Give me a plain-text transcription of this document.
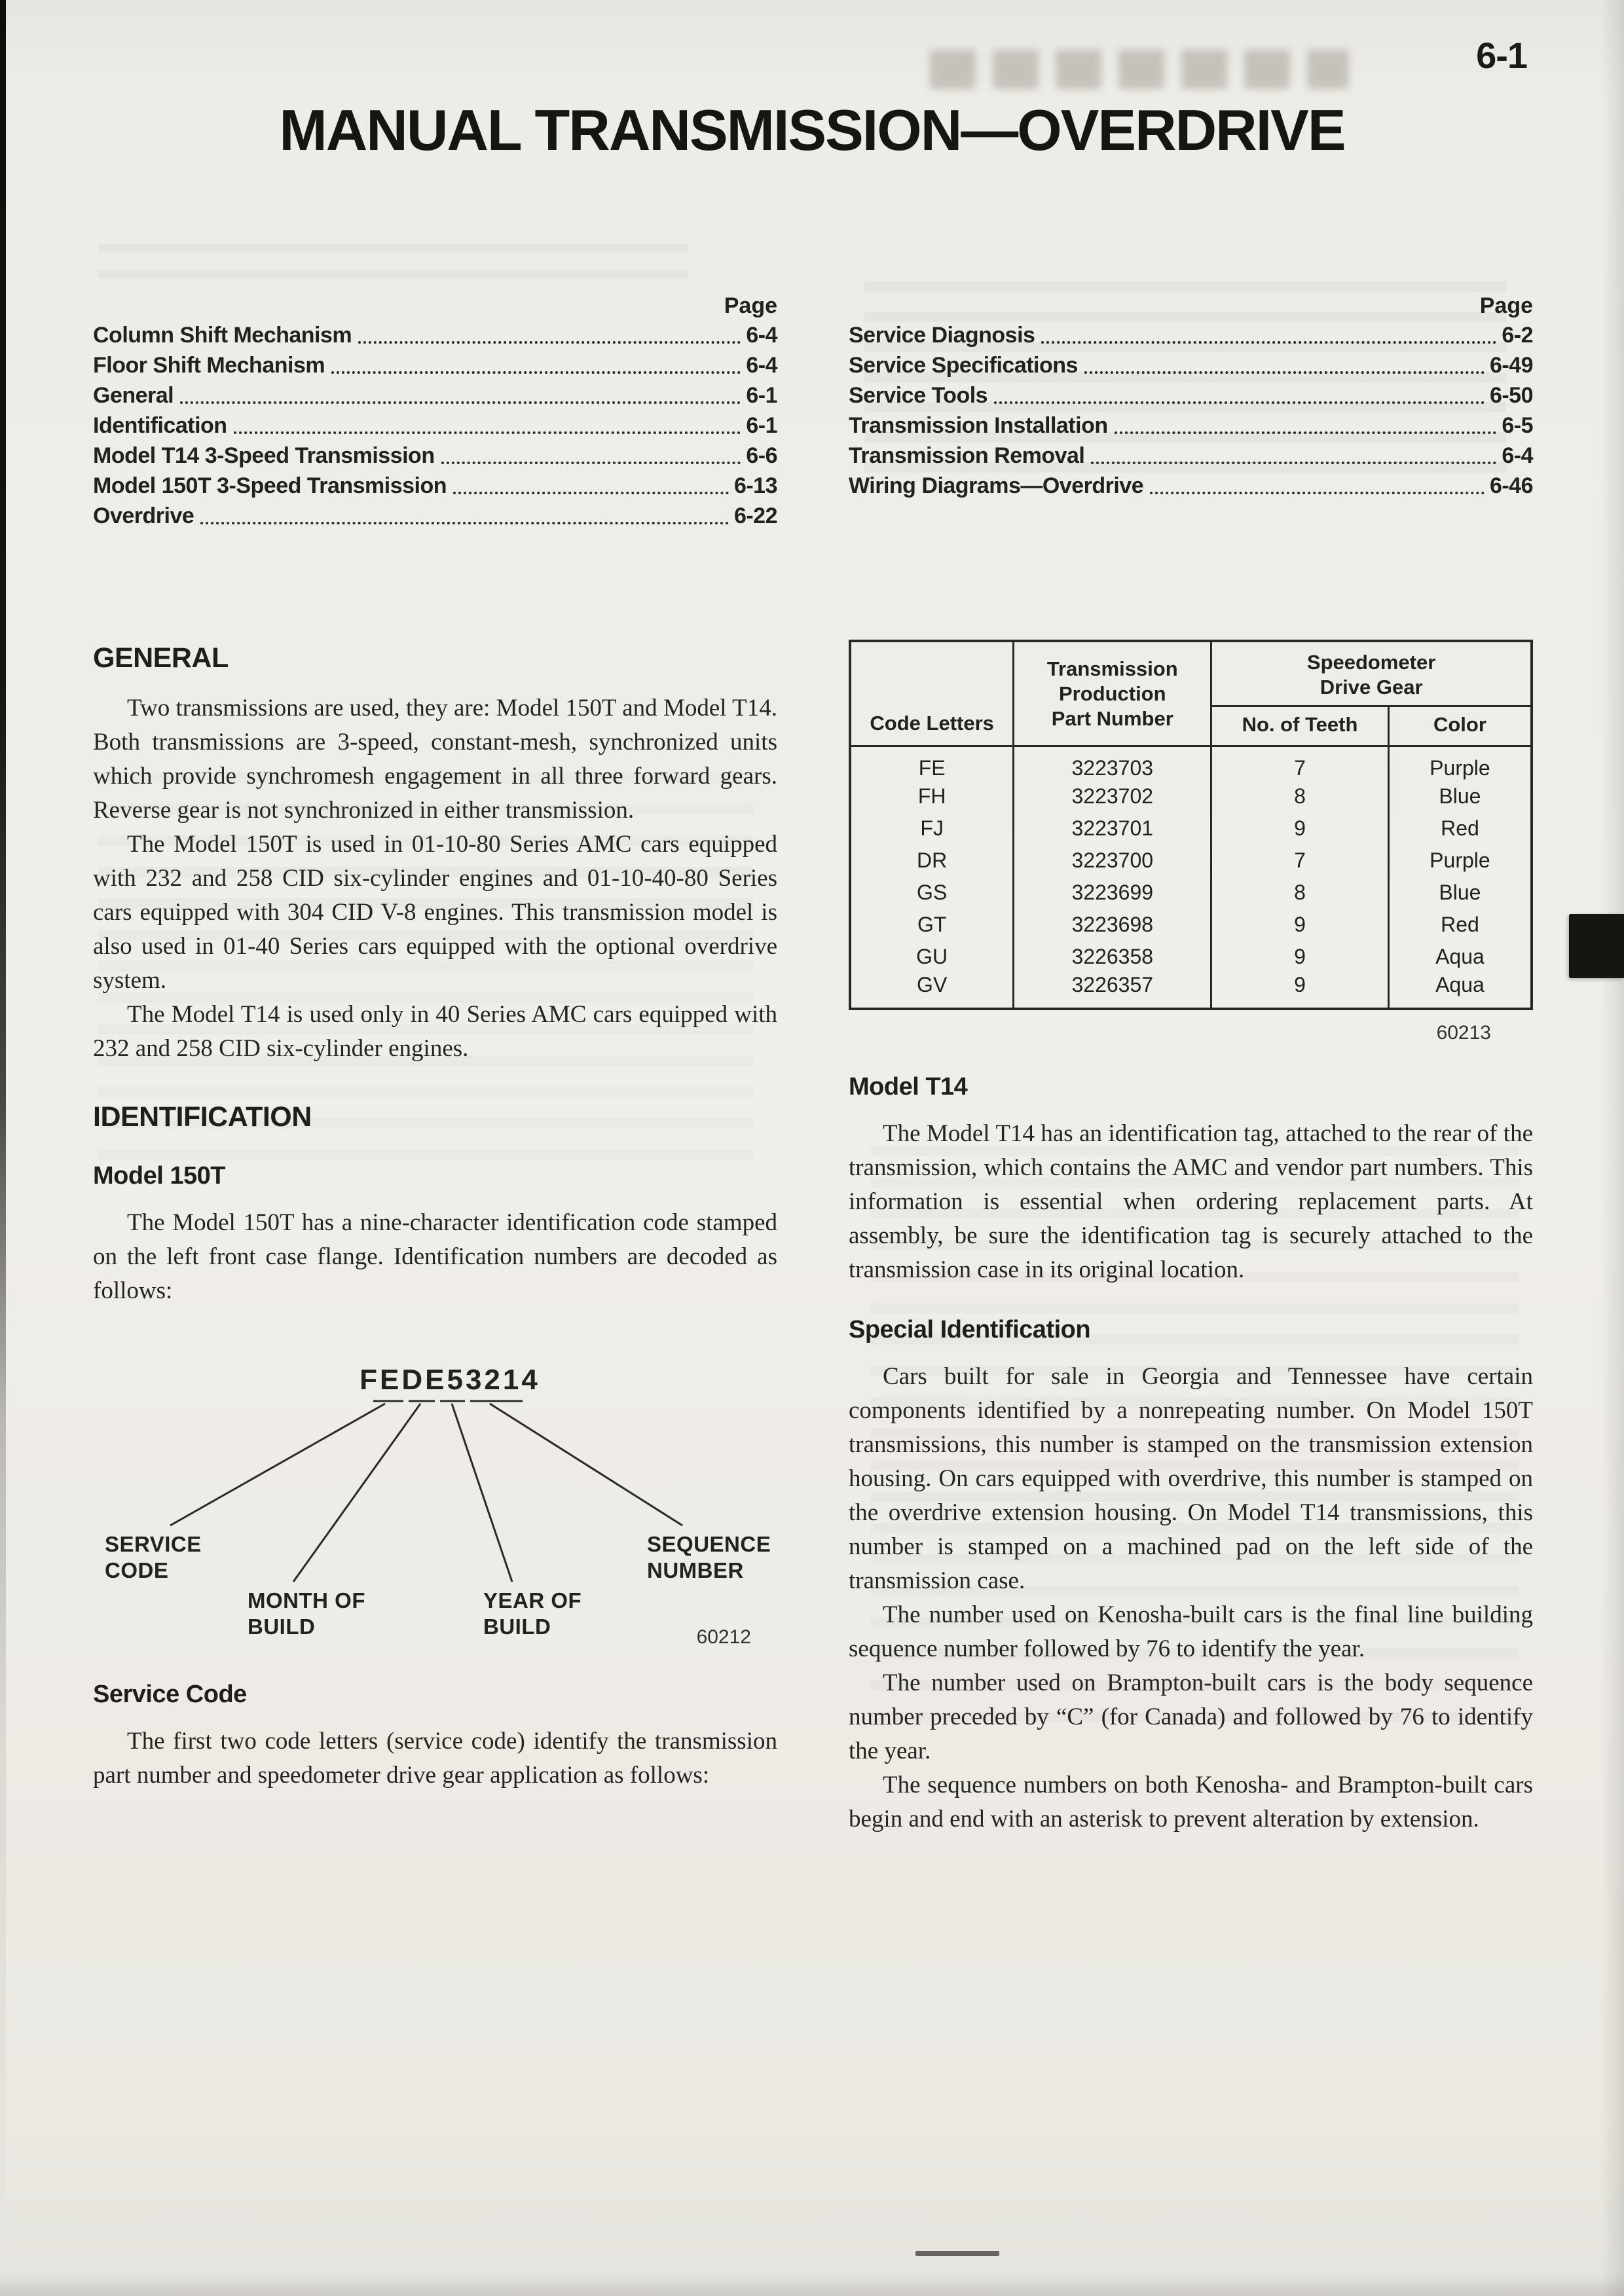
6-1
MANUAL TRANSMISSION—OVERDRIVE
Page
Column Shift Mechanism	6-4
Floor Shift Mechanism	6-4
General	6-1
Identification	6-1
Model T14 3-Speed Transmission	6-6
Model 150T 3-Speed Transmission	6-13
Overdrive	6-22
GENERAL

Two transmissions are used, they are: Model 150T and Model T14. Both transmissions are 3-speed, constant-mesh, synchronized units which provide synchromesh engagement in all three forward gears. Reverse gear is not synchronized in either transmission.

The Model 150T is used in 01-10-80 Series AMC cars equipped with 232 and 258 CID six-cylinder engines and 01-10-40-80 Series cars equipped with 304 CID V-8 engines. This transmission model is also used in 01-40 Series cars equipped with the optional overdrive system.

The Model T14 is used only in 40 Series AMC cars equipped with 232 and 258 CID six-cylinder engines.

IDENTIFICATION
Model 150T

The Model 150T has a nine-character identification code stamped on the left front case flange. Identification numbers are decoded as follows:

FEDE53214
SERVICE
CODE
MONTH OF
BUILD
YEAR OF
BUILD
SEQUENCE
NUMBER
60212
Service Code

The first two code letters (service code) identify the transmission part number and speedometer drive gear application as follows:

Page
Service Diagnosis	6-2
Service Specifications	6-49
Service Tools	6-50
Transmission Installation	6-5
Transmission Removal	6-4
Wiring Diagrams—Overdrive	6-46
Code Letters	
Transmission
Production
Part Number

Speedometer
Drive Gear

		No. of Teeth	Color
FE	3223703	7	Purple
FH	3223702	8	Blue
FJ	3223701	9	Red
DR	3223700	7	Purple
GS	3223699	8	Blue
GT	3223698	9	Red
GU	3226358	9	Aqua
GV	3226357	9	Aqua
60213
Model T14

The Model T14 has an identification tag, attached to the rear of the transmission, which contains the AMC and vendor part numbers. This information is essential when ordering replacement parts. At assembly, be sure the identification tag is securely attached to the transmission case in its original location.

Special Identification

Cars built for sale in Georgia and Tennessee have certain components identified by a nonrepeating number. On Model 150T transmissions, this number is stamped on the transmission extension housing. On cars equipped with overdrive, this number is stamped on the overdrive extension housing. On Model T14 transmissions, this number is stamped on a machined pad on the left side of the transmission case.

The number used on Kenosha-built cars is the final line building sequence number followed by 76 to identify the year.

The number used on Brampton-built cars is the body sequence number preceded by “C” (for Canada) and followed by 76 to identify the year.

The sequence numbers on both Kenosha- and Brampton-built cars begin and end with an asterisk to prevent alteration by extension.
